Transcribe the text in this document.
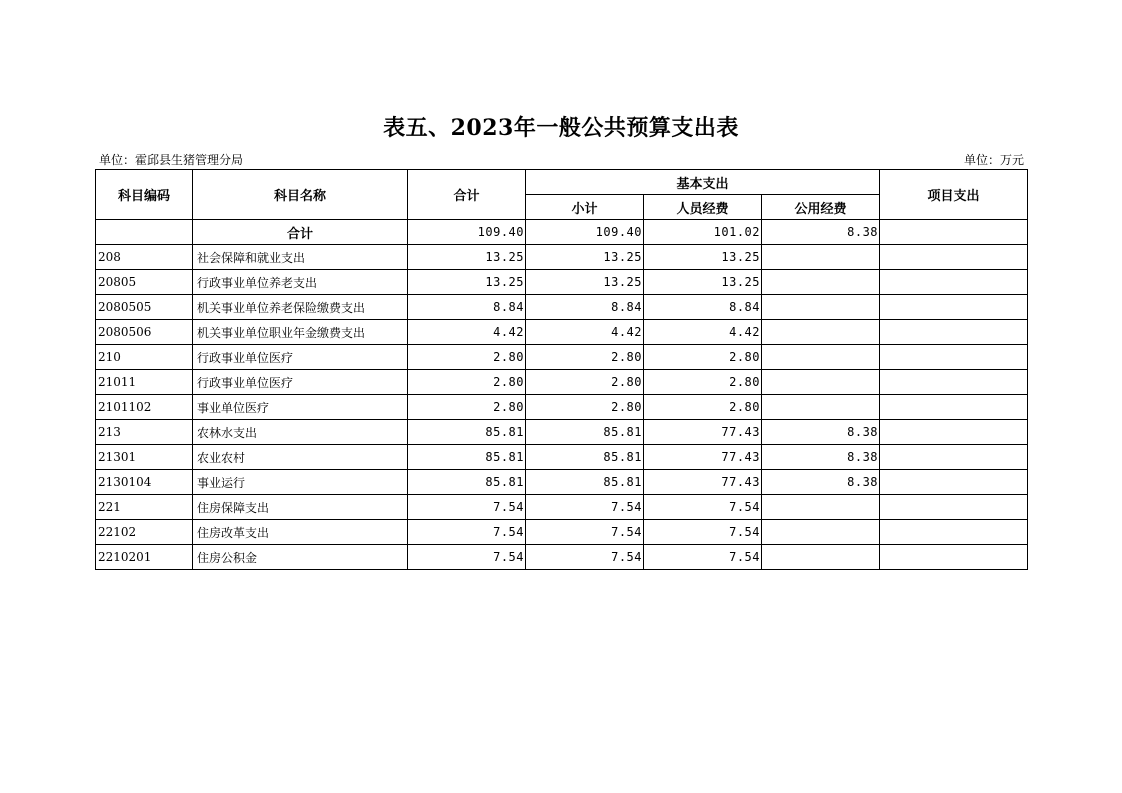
表五、2023年一般公共预算支出表
单位：霍邱县生猪管理分局	单位：万元
科目编码	科目名称	合计	基本支出			项目支出
			小计	人员经费	公用经费	
	合计	109.40	109.40	101.02	8.38	
208	社会保障和就业支出	13.25	13.25	13.25		
20805	行政事业单位养老支出	13.25	13.25	13.25		
2080505	机关事业单位养老保险缴费支出	8.84	8.84	8.84		
2080506	机关事业单位职业年金缴费支出	4.42	4.42	4.42		
210	行政事业单位医疗	2.80	2.80	2.80		
21011	行政事业单位医疗	2.80	2.80	2.80		
2101102	事业单位医疗	2.80	2.80	2.80		
213	农林水支出	85.81	85.81	77.43	8.38	
21301	农业农村	85.81	85.81	77.43	8.38	
2130104	事业运行	85.81	85.81	77.43	8.38	
221	住房保障支出	7.54	7.54	7.54		
22102	住房改革支出	7.54	7.54	7.54		
2210201	住房公积金	7.54	7.54	7.54		
